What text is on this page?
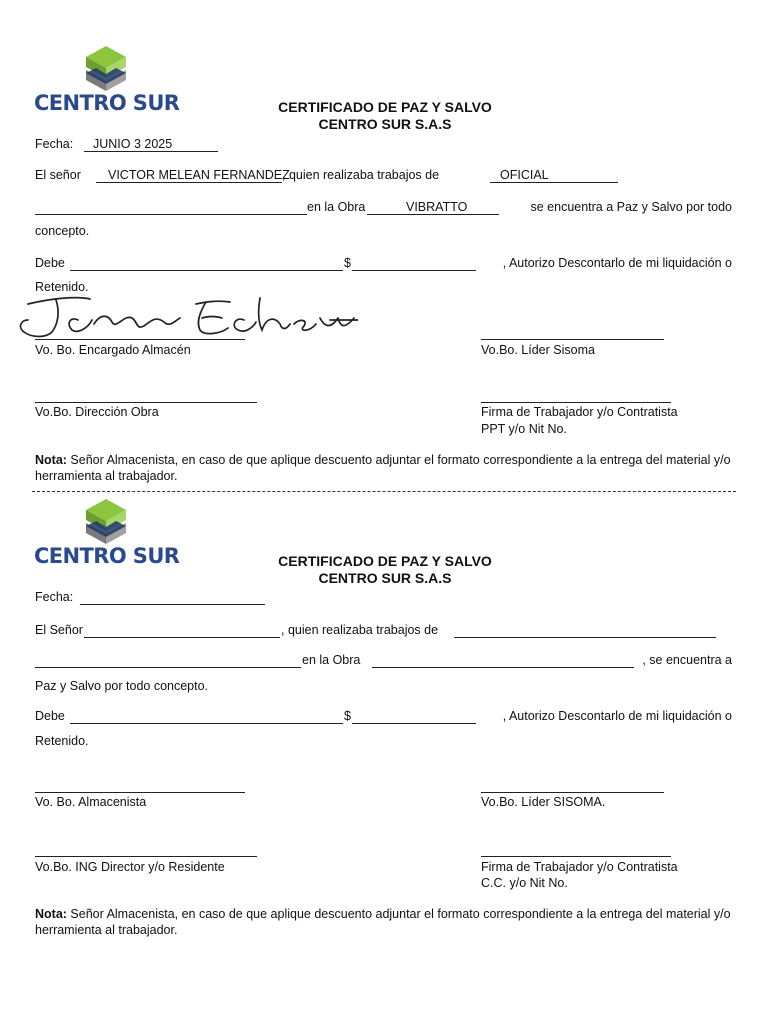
CENTRO SUR	CERTIFICADO DE PAZ Y SALVO
CENTRO SUR S.A.S
Fecha: JUNIO 3 2025
El señor VICTOR MELEAN FERNANDEZ
, quien realizaba trabajos de	OFICIAL
en la Obra	VIBRATTO	se encuentra a Paz y Salvo por todo
concepto.
Debe	$	, Autorizo Descontarlo de mi liquidación o
Retenido.
Vo. Bo. Encargado Almacén	Vo.Bo. Líder Sisoma
Vo.Bo. Dirección Obra	Firma de Trabajador y/o Contratista
PPT y/o Nit No.
Nota: Señor Almacenista, en caso de que aplique descuento adjuntar el formato correspondiente a la entrega del material y/o herramienta al trabajador.
CENTRO SUR	CERTIFICADO DE PAZ Y SALVO
CENTRO SUR S.A.S
Fecha:
El Señor	, quien realizaba trabajos de
en la Obra	, se encuentra a
Paz y Salvo por todo concepto.
Debe	$	, Autorizo Descontarlo de mi liquidación o
Retenido.
Vo. Bo. Almacenista	Vo.Bo. Líder SISOMA.
Vo.Bo. ING Director y/o Residente	Firma de Trabajador y/o Contratista
C.C. y/o Nit No.
Nota: Señor Almacenista, en caso de que aplique descuento adjuntar el formato correspondiente a la entrega del material y/o herramienta al trabajador.
